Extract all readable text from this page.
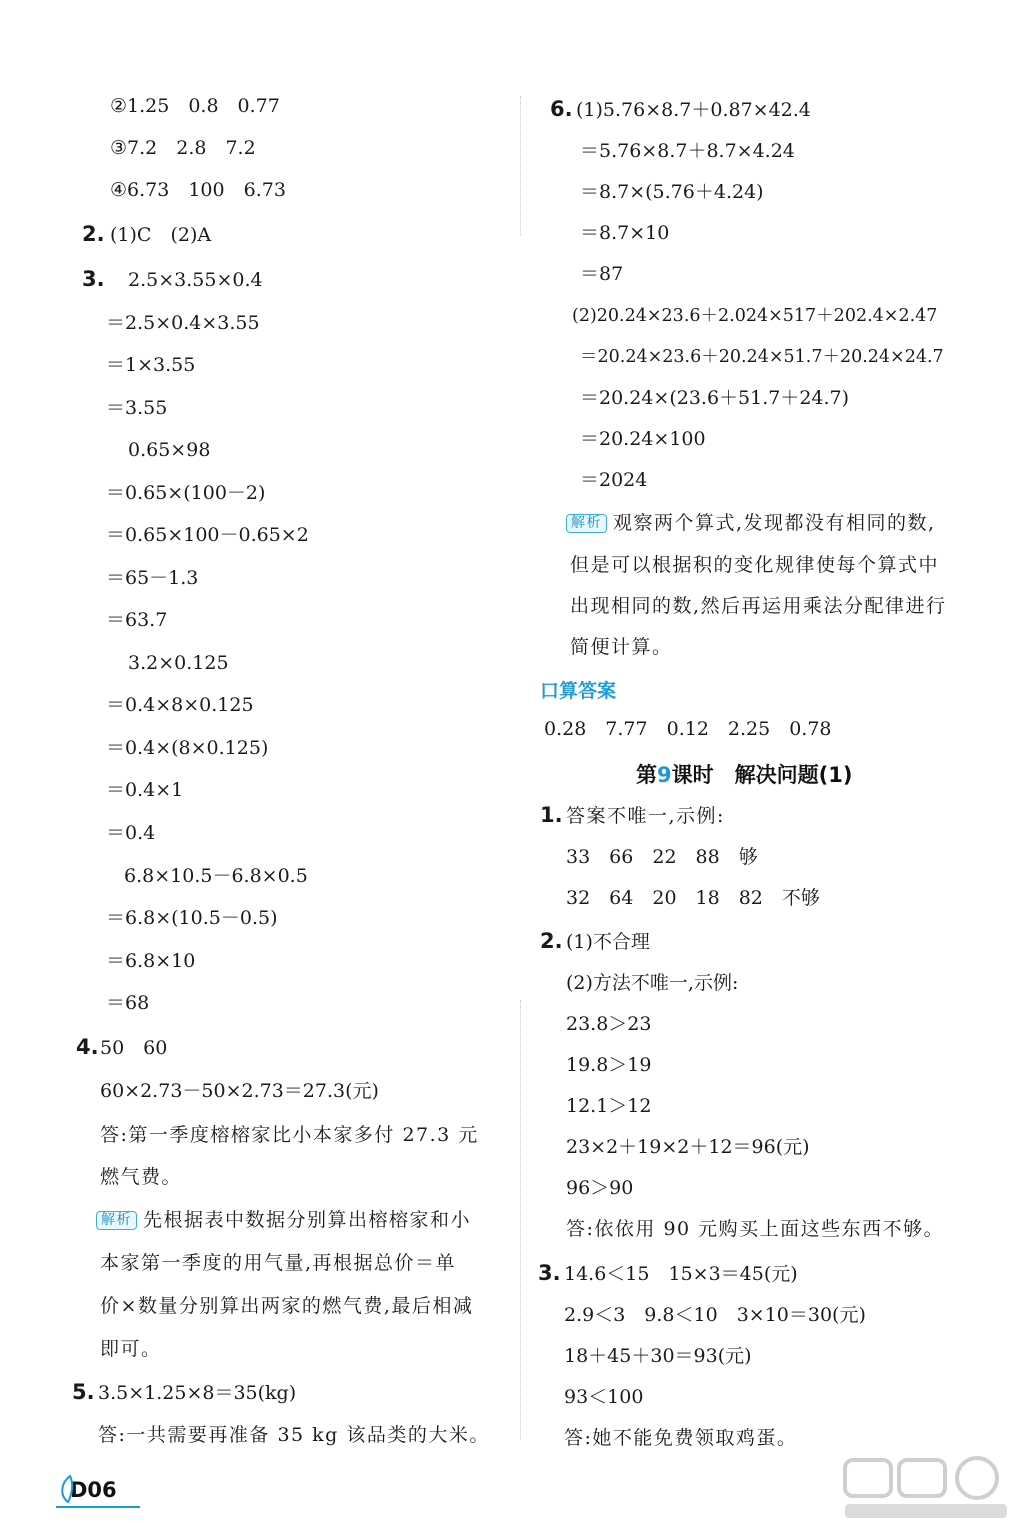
②1.25　0.8　0.77
③7.2　2.8　7.2
④6.73　100　6.73
2. (1)C　(2)A
3. 2.5×3.55×0.4
＝2.5×0.4×3.55
＝1×3.55
＝3.55
0.65×98
＝0.65×(100－2)
＝0.65×100－0.65×2
＝65－1.3
＝63.7
3.2×0.125
＝0.4×8×0.125
＝0.4×(8×0.125)
＝0.4×1
＝0.4
6.8×10.5－6.8×0.5
＝6.8×(10.5－0.5)
＝6.8×10
＝68
4. 50　60
60×2.73－50×2.73＝27.3(元)
答:第一季度榕榕家比小本家多付 27.3 元
燃气费。
解析 先根据表中数据分别算出榕榕家和小
本家第一季度的用气量,再根据总价＝单
价×数量分别算出两家的燃气费,最后相减
即可。
5. 3.5×1.25×8＝35(kg)
答:一共需要再准备 35 kg 该品类的大米。
6. (1)5.76×8.7＋0.87×42.4
＝5.76×8.7＋8.7×4.24
＝8.7×(5.76＋4.24)
＝8.7×10
＝87
(2)20.24×23.6＋2.024×517＋202.4×2.47
＝20.24×23.6＋20.24×51.7＋20.24×24.7
＝20.24×(23.6＋51.7＋24.7)
＝20.24×100
＝2024
解析 观察两个算式,发现都没有相同的数,
但是可以根据积的变化规律使每个算式中
出现相同的数,然后再运用乘法分配律进行
简便计算。
口算答案
0.28　7.77　0.12　2.25　0.78
第9课时　解决问题(1)
1. 答案不唯一,示例:
33　66　22　88　够
32　64　20　18　82　不够
2. (1)不合理
(2)方法不唯一,示例:
23.8＞23
19.8＞19
12.1＞12
23×2＋19×2＋12＝96(元)
96＞90
答:依依用 90 元购买上面这些东西不够。
3. 14.6＜15　15×3＝45(元)
2.9＜3　9.8＜10　3×10＝30(元)
18＋45＋30＝93(元)
93＜100
答:她不能免费领取鸡蛋。
D06
